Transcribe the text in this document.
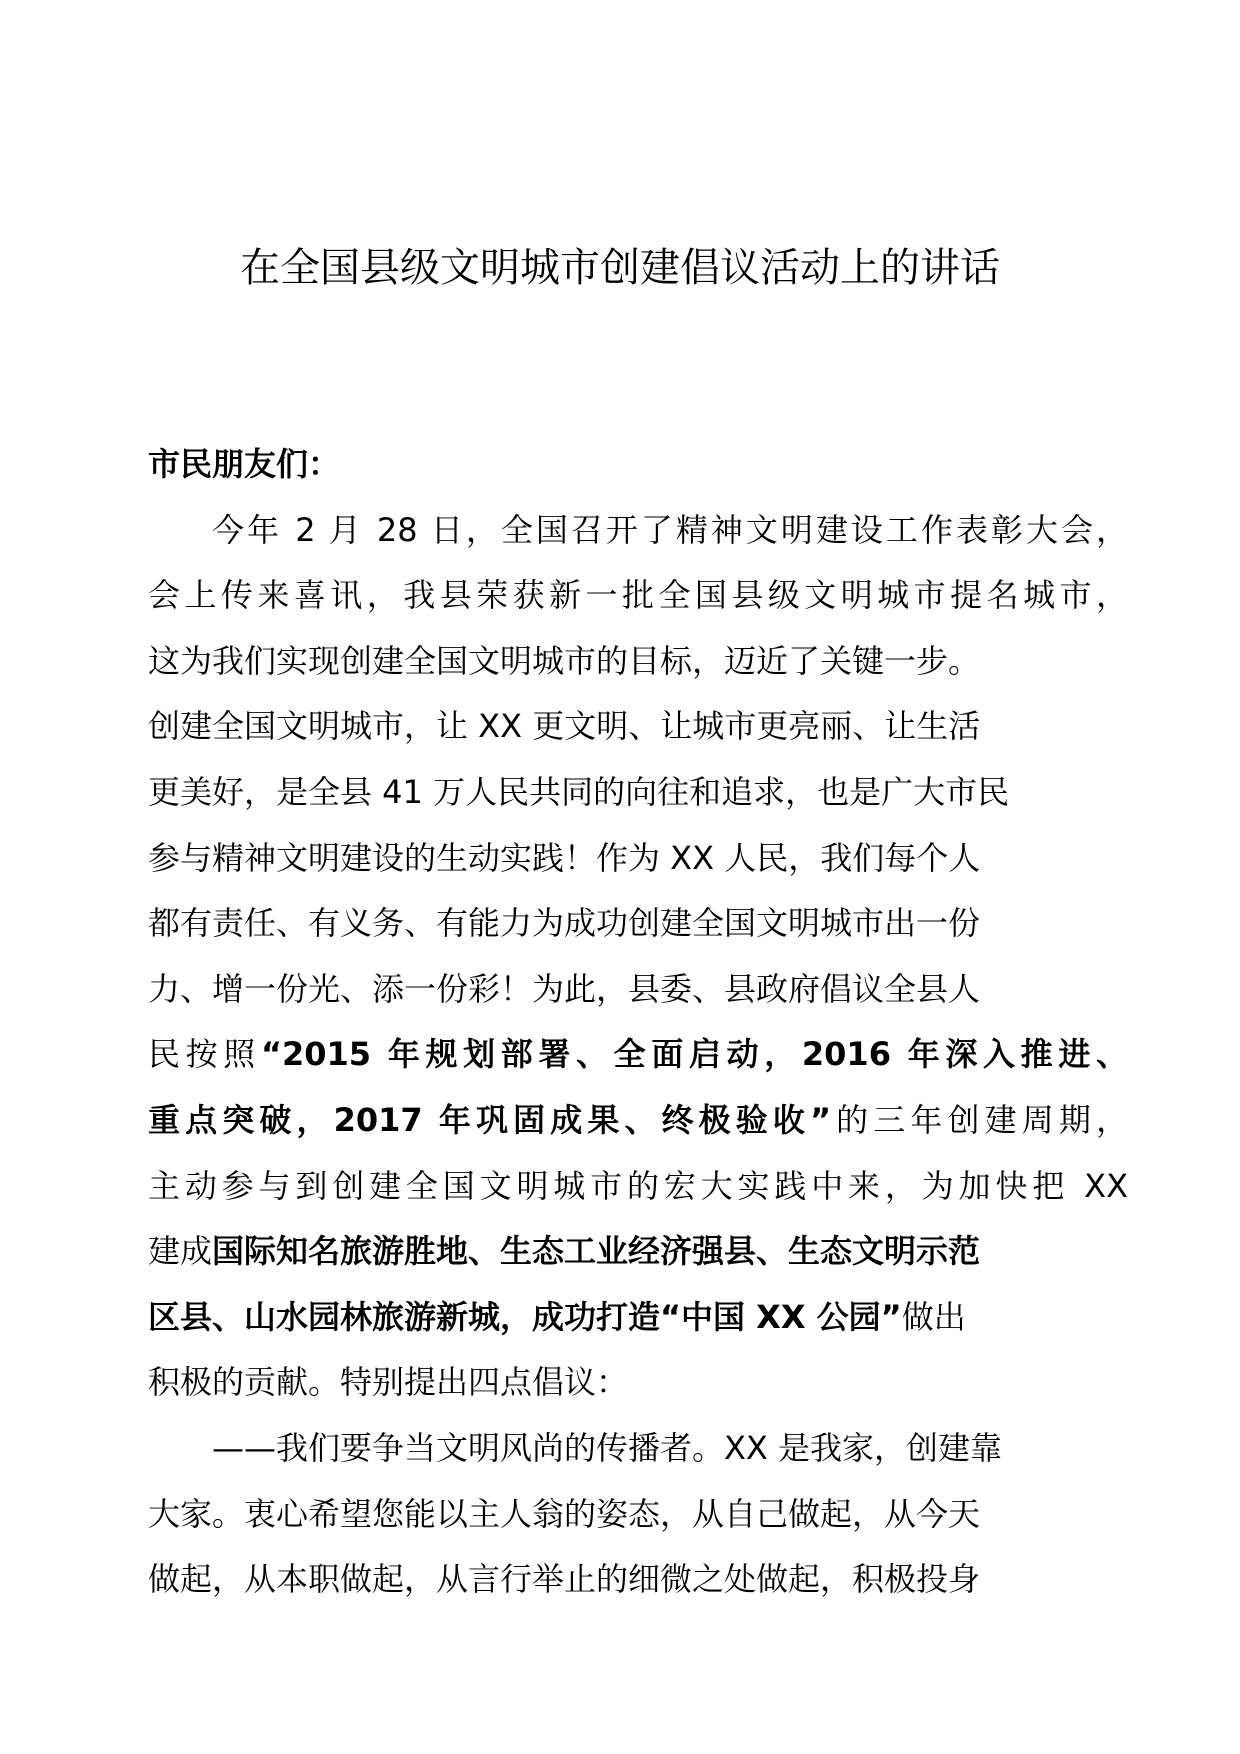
在全国县级文明城市创建倡议活动上的讲话
市民朋友们：
今年 2 月 28 日，全国召开了精神文明建设工作表彰大会，
会上传来喜讯，我县荣获新一批全国县级文明城市提名城市，
这为我们实现创建全国文明城市的目标，迈近了关键一步。
创建全国文明城市，让 XX 更文明、让城市更亮丽、让生活
更美好，是全县 41 万人民共同的向往和追求，也是广大市民
参与精神文明建设的生动实践！作为 XX 人民，我们每个人
都有责任、有义务、有能力为成功创建全国文明城市出一份
力、增一份光、添一份彩！为此，县委、县政府倡议全县人
民按照“2015 年规划部署、全面启动，2016 年深入推进、
重点突破，2017 年巩固成果、终极验收”的三年创建周期，
主动参与到创建全国文明城市的宏大实践中来，为加快把 XX
建成国际知名旅游胜地、生态工业经济强县、生态文明示范
区县、山水园林旅游新城，成功打造“中国 XX 公园”做出
积极的贡献。特别提出四点倡议：
——我们要争当文明风尚的传播者。XX 是我家，创建靠
大家。衷心希望您能以主人翁的姿态，从自己做起，从今天
做起，从本职做起，从言行举止的细微之处做起，积极投身
